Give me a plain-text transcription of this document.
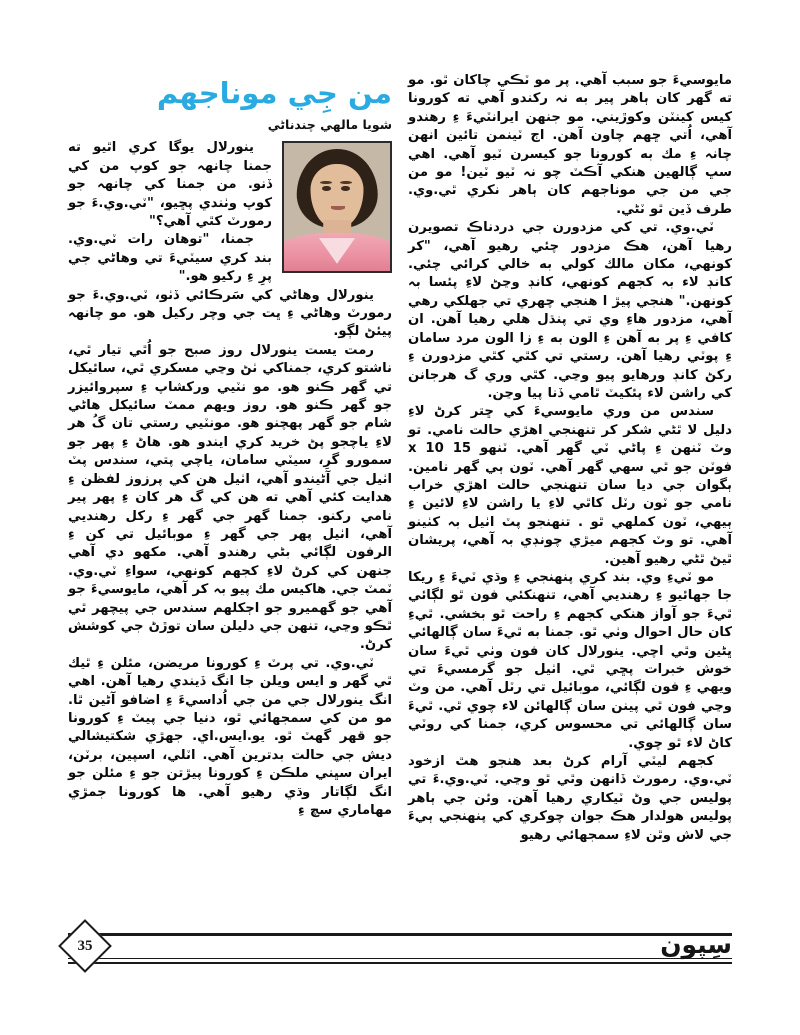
من جِي موناجهم
شويا مالهي چندناڻي

ينورلال يوگا كري اٿيو ته جمنا چانهہ جو كوپ من كي ڏنو. من جمنا كي چانهہ جو كوپ وٺندي پڇيو، "ٽي.وي.ءَ جو رمورٽ كٿي آهي؟"

جمنا، "توهان رات ٽي.وي. بند كري سيٽيءَ تي وهاڻي جي پرِ ءِ رکيو هو."

ينورلال وهاڻي كي سَرڪائي ڏٺو، ٽي.وي.ءَ جو رمورٽ وهاڻي ءِ ڀت جي وچر رکيل هو. مو چانهہ پيئڻ لڳو.

رمت يست ينورلال روز صبح جو اُٿي تيار ٿي، ناشتو كري، جمناكي ٺڻ وڃي مسكري ٿي، سائيكل تي گهر ڪنو هو. مو نٽيي وركشاپ ءِ سپروائيزر جو گهر ڪنو هو. روز ويهم ممٽ سائيكل هاڻي شام جو گهر پهچنو هو. مونٽيي رستي تان گُ هر لاءِ ياچجو پڻ خريد كري ايندو هو. هاڻ ءِ پهر جو سمورو گرِ، سيٽي سامان، ياچي پتي، سندس پٽ اٺيل جي آڻيندو آهي، اٺيل هن كي پرزوز لفظن ءِ هدايت كئي آهي ته هن كي گ هر كان ءِ پهر پير نامي رکنو. جمنا گهر جي گهر ءِ رکل رهنديي آهي، اٺيل پهر جي گهر ءِ موبائيل تي كن ءِ الرفون لڳائي بڻي رهندو آهي. مكهو دي آهي جنهن كي كرڻ لاءِ كجهم كونهي، سواءِ ٽي.وي. ٽمٽ جي. هاكيس مك پيو بہ كر آهي، مايوسيءَ جو آهي جو گهميرو جو اڄكلهم سندس جي پيچهر ٿي ٿڪو وڃي، تنهن جي دليلن سان توڙڻ جي كوشش كرڻ.

ٽي.وي. تي پرٽ ءِ كورونا مريضن، مئلن ءِ ٿيك ٿي گهر و ايس ويلن جا انگ ڏيندي رهيا آهن. اهي انگ ينورلال جي من جي اُداسيءَ ءِ اضافو آڻين ٿا. مو من كي سمجهائي ٿو، دنيا جي پيٽ ءِ كورونا جو قهر گهٽ ٿو. يو.ايس.اي. جهڙي شكتيشالي ديش جي حالت بدترين آهي. اٽلي، اسپين، برٽن، ايران سڀني ملڪن ءِ كورونا پيڙتن جو ءِ مئلن جو انگ لڳاتار وڌي رهيو آهي. ها كورونا جمڙي مهاماري سچ ءِ

مايوسيءَ جو سبب آهي. پر مو ٽڪي چاكان ٿو. مو ته گهر كان ٻاهر پير به نہ رکندو آهي ته كورونا كيس كينٽن وكوڙيني. مو جنهن ايرانٽيءَ ءِ رهندو آهي، اُتي ڇهم چاون آهن. اڄ ٽينمن تائين انهن چانہ ءِ مك به كورونا جو كيسرن ٽيو آهي. اهي سڀ ڳالهين هنكي آڪٽ چو نہ ٽيو ٽين! مو من جي من جي موناجهم كان ٻاهر نكري ٿي.وي. طرف ڏين ٿو ٽڻي.

ٽي.وي. تي كي مزدورن جي دردناڪ تصويرن رهيا آهن، هڪ مزدور چئي رهيو آهي، "كر كونهي، مكان مالك كولي به خالي كرائي چئي. كانڊ لاء بہ كجهم كونهي، كانڊ وڃڻ لاءِ پئسا بہ كونهن." هنجي پيڙ ا هنجي چهري تي جهلكي رهي آهي، مزدور هاءِ وي تي پنڌل هلي رهيا آهن. ان كافي ءِ پر به آهن ءِ الون به ءِ زا الون مرد سامان ءِ پوٽي رهيا آهن. رستي تي كٿي كٿي مزدورن ءِ ركڻ كانڊ ورهايو پيو وڃي. كٿي وري گ هرجانن كي راشن لاء پئكيٽ ٿامي ڏنا پيا وڃن.

سندس من وري مايوسيءَ كي ڇتر كرڻ لاءِ دليل لا ٿڻي شكر كر تنهنجي اهڙي حالت نامي. تو وٽ ٽنهن ءِ پاڻي ٽي گهر آهي. ٽنهو 15 x 10 فوٽن جو ٿي سهي گهر آهي. ٽون ٻي گهر نامين. ٻگوان جي ديا سان تنهنجي حالت اهڙي خراب نامي جو ٽون رٽل كاٿي لاءِ يا راشن لاءِ لائين ءِ ٻيهي، ٽون كملهي ٿو . تنهنجو پٽ اٺيل بہ كٺينو آهي. تو وٽ كجهم ميڙي چونڊي بہ آهي، پريشان ٿيڻ ٿڻي رهيو آهين.

مو ٽيءِ وي. بند كري پنهنجي ءِ وڌي ٽيءَ ءِ ريكا جا جهائيو ءِ رهنديي آهي، تنهنكئي فون ٿو لڳائي ٿيءَ جو آواز هنكي كجهم ءِ راحت ٿو بخشي. ٿيءِ كان حال احوال وٺي ٿو. جمنا به ٿيءَ سان ڳالهائي ڀڻين وٿي اچي. ينورلال كان فون وٺي ٿيءَ سان خوش خبرات پڇي ٿي. اٺيل جو گرمسيءَ تي ويهي ءِ فون لڳائي، موبائيل تي رٽل آهي. من وٽ وڃي فون ٿي پينن سان ڳالهائن لاء چوي ٿي. ٿيءَ سان ڳالهائي تي محسوس كري، جمنا كي روٽي كاڻ لاء ٿو چوي.

كجهم ليٽي آرام كرڻ بعد هنجو هٿ ازخود ٽي.وي. رمورٽ ڏانهن وٿي ٿو وڃي. ٽي.وي.ءَ تي پوليس جي وڻ ٽيكاري رهيا آهن. وئن جي ٻاهر پوليس هولدار هڪ جوان چوكري كي پنهنجي ٻيءَ جي لاش وٿن لاءِ سمجهائي رهيو

35	سِپون
